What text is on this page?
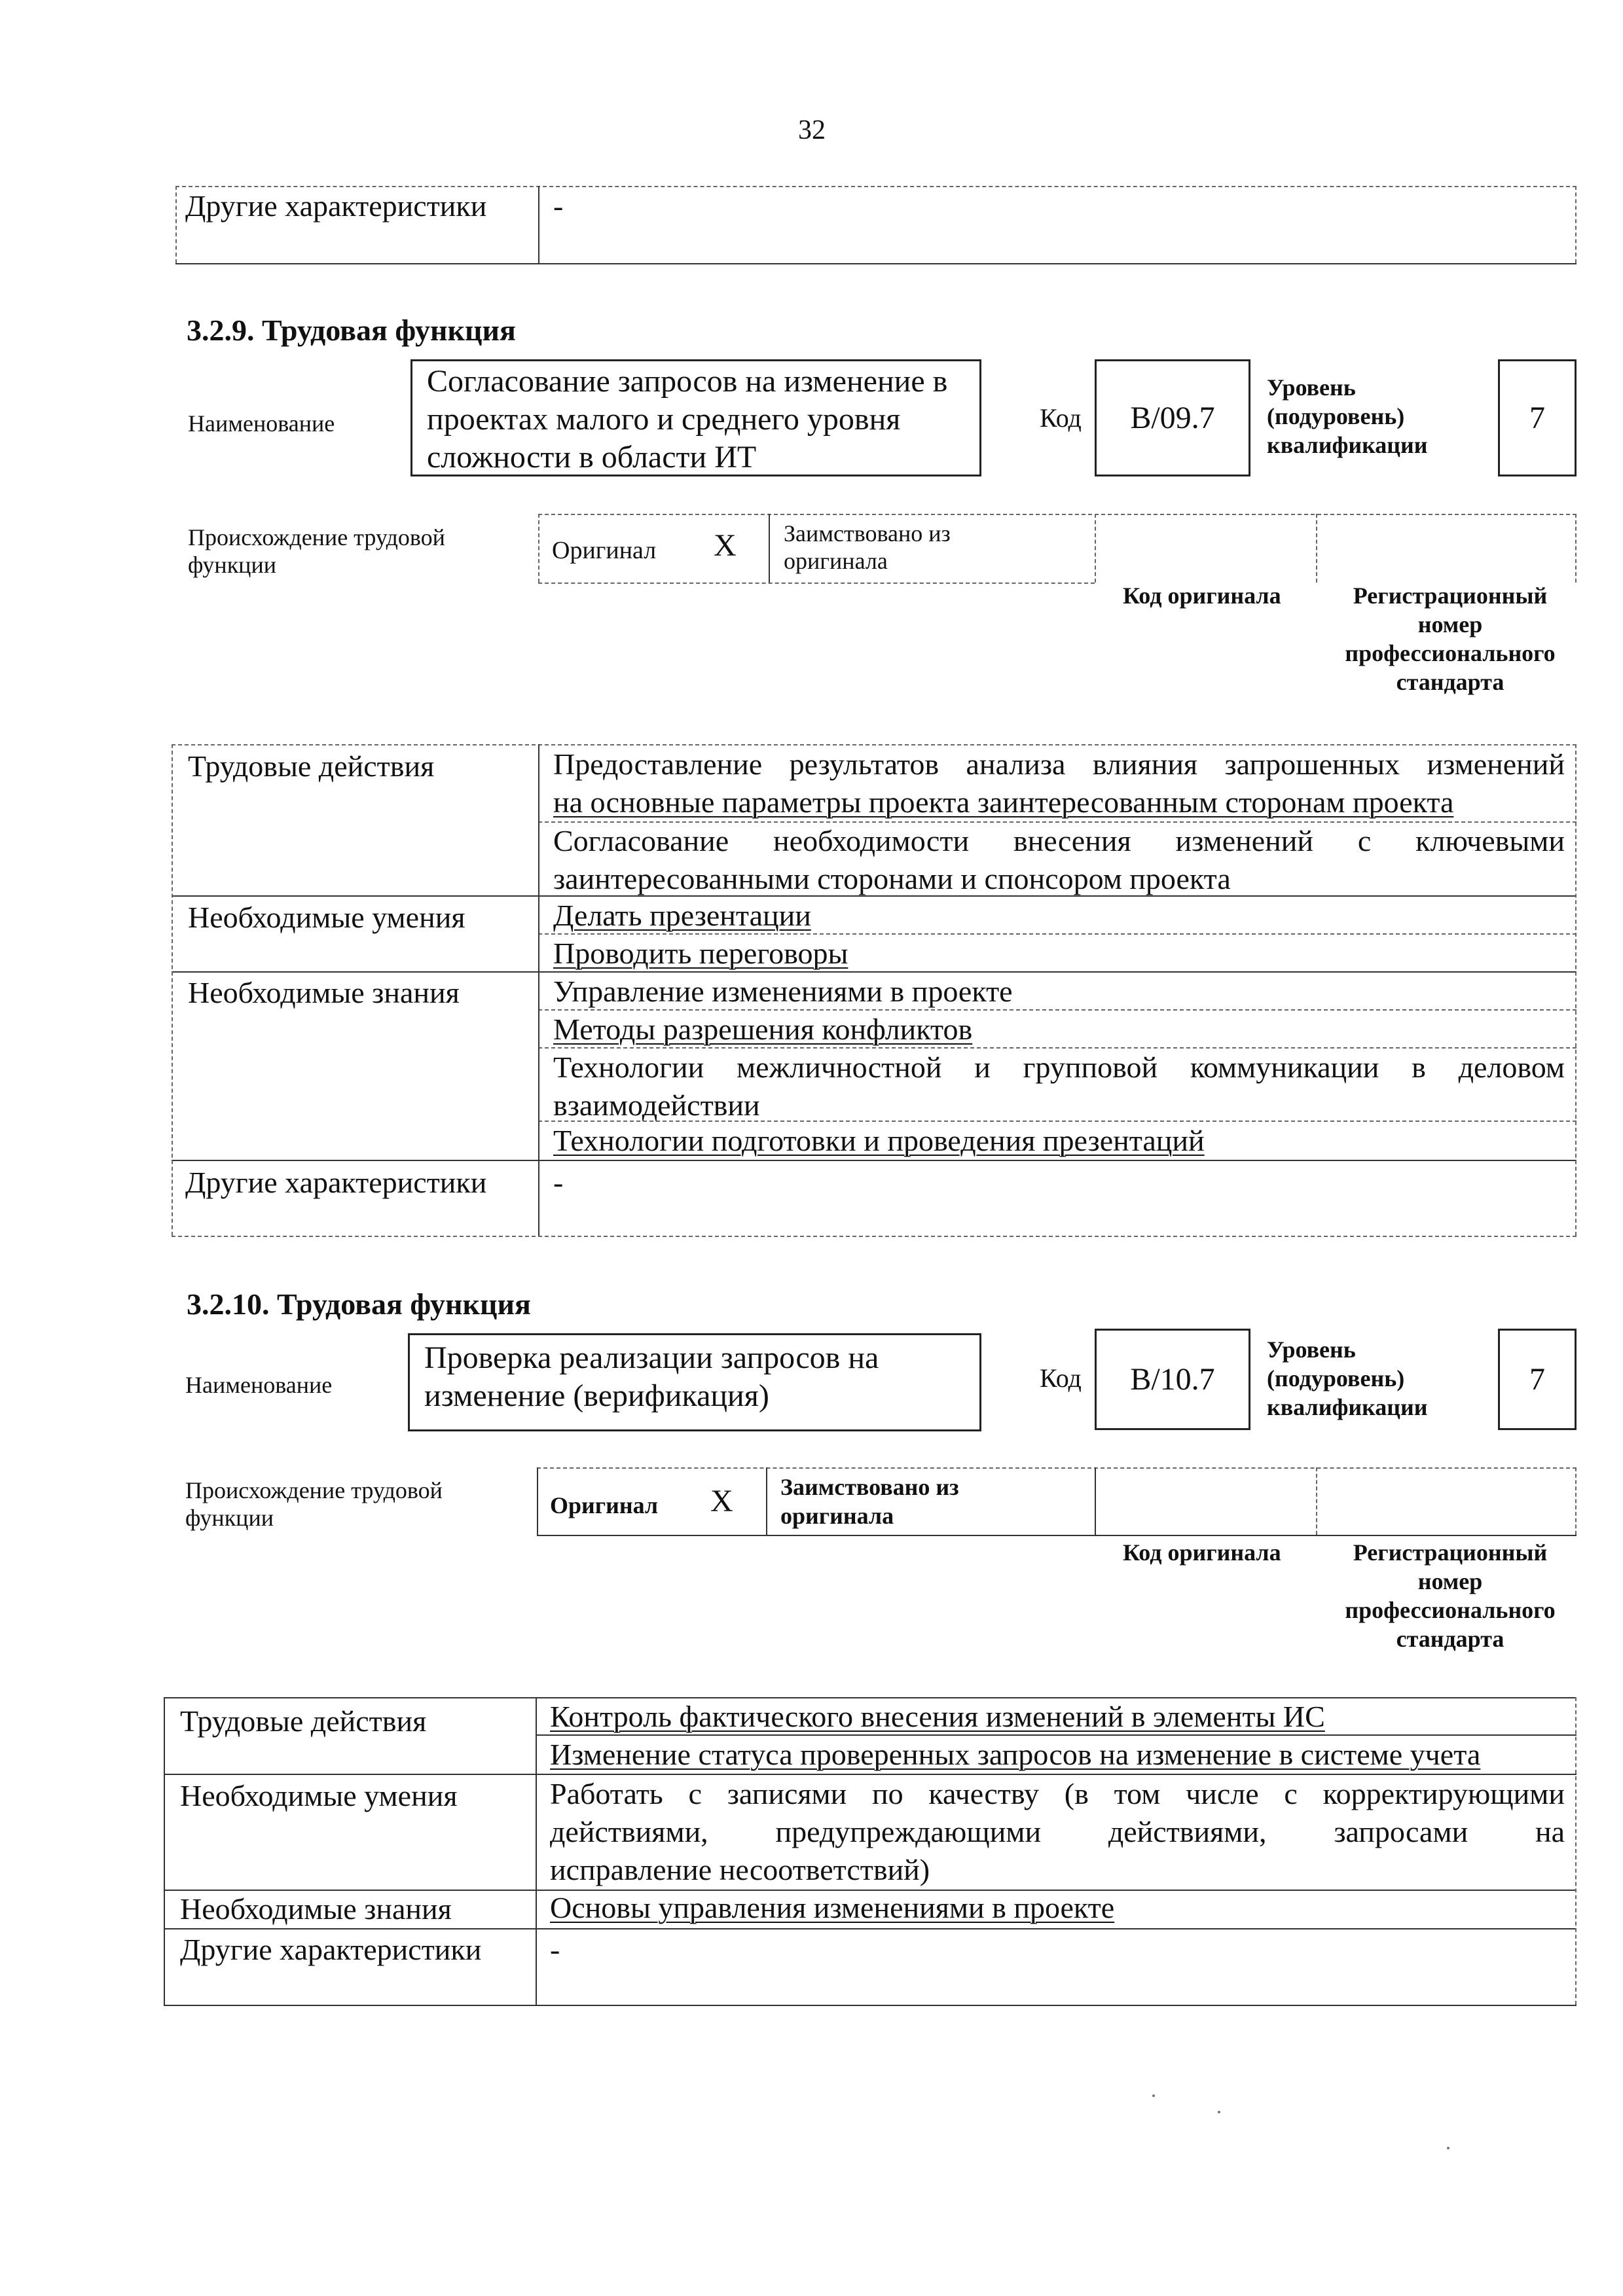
32
Другие характеристики -
3.2.9. Трудовая функция
Наименование
Согласование запросов на изменение в
проектах малого и среднего уровня
сложности в области ИТ
Код	B/09.7
Уровень
(подуровень)
квалификации
7
Происхождение трудовой
функции
Оригинал X Заимствовано из
оригинала
Код оригинала	Регистрационный
номер
профессионального
стандарта
Трудовые действия	Предоставление результатов анализа влияния запрошенных изменений
на основные параметры проекта заинтересованным сторонам проекта
Согласование необходимости внесения изменений с ключевыми
заинтересованными сторонами и спонсором проекта
Необходимые умения	Делать презентации
Проводить переговоры
Необходимые знания	Управление изменениями в проекте
Методы разрешения конфликтов
Технологии межличностной и групповой коммуникации в деловом
взаимодействии
Технологии подготовки и проведения презентаций
Другие характеристики -
3.2.10. Трудовая функция
Наименование
Проверка реализации запросов на
изменение (верификация)
Код	B/10.7
Уровень
(подуровень)
квалификации
7
Происхождение трудовой
функции	Оригинал X Заимствовано из
оригинала
Код оригинала	Регистрационный
номер
профессионального
стандарта
Трудовые действия	Контроль фактического внесения изменений в элементы ИС
Изменение статуса проверенных запросов на изменение в системе учета
Необходимые умения	Работать с записями по качеству (в том числе с корректирующими
действиями, предупреждающими действиями, запросами на
исправление несоответствий)
Необходимые знания	Основы управления изменениями в проекте
Другие характеристики -
